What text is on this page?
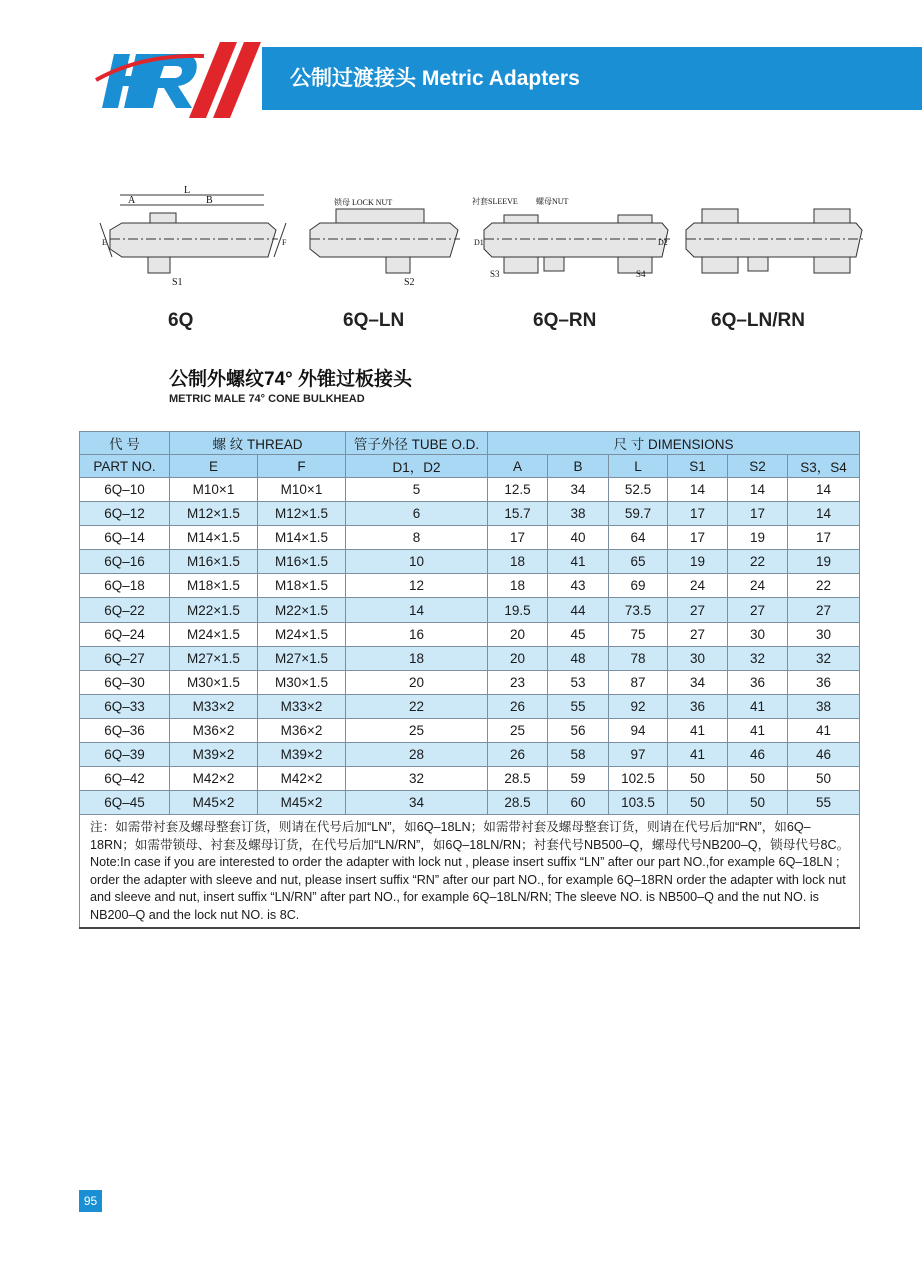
公制过渡接头 Metric Adapters
L
A	B
E	F
S1
锁母 LOCK NUT
S2
衬套SLEEVE 螺母NUT
D1	D2
S3	S4
6Q	6Q–LN	6Q–RN	6Q–LN/RN
公制外螺纹74° 外锥过板接头
METRIC MALE 74° CONE BULKHEAD
代 号	螺 纹 THREAD		管子外径 TUBE O.D.	尺 寸 DIMENSIONS					
PART NO.	E	F	D1，D2	A	B	L	S1	S2	S3，S4
6Q–10	M10×1	M10×1	5	12.5	34	52.5	14	14	14
6Q–12	M12×1.5	M12×1.5	6	15.7	38	59.7	17	17	14
6Q–14	M14×1.5	M14×1.5	8	17	40	64	17	19	17
6Q–16	M16×1.5	M16×1.5	10	18	41	65	19	22	19
6Q–18	M18×1.5	M18×1.5	12	18	43	69	24	24	22
6Q–22	M22×1.5	M22×1.5	14	19.5	44	73.5	27	27	27
6Q–24	M24×1.5	M24×1.5	16	20	45	75	27	30	30
6Q–27	M27×1.5	M27×1.5	18	20	48	78	30	32	32
6Q–30	M30×1.5	M30×1.5	20	23	53	87	34	36	36
6Q–33	M33×2	M33×2	22	26	55	92	36	41	38
6Q–36	M36×2	M36×2	25	25	56	94	41	41	41
6Q–39	M39×2	M39×2	28	26	58	97	41	46	46
6Q–42	M42×2	M42×2	32	28.5	59	102.5	50	50	50
6Q–45	M45×2	M45×2	34	28.5	60	103.5	50	50	55

注：如需带衬套及螺母整套订货，则请在代号后加“LN”，如6Q–18LN；如需带衬套及螺母整套订货，则请在代号后加“RN”，如6Q–18RN；如需带锁母、衬套及螺母订货，在代号后加“LN/RN”，如6Q–18LN/RN；衬套代号NB500–Q，螺母代号NB200–Q，锁母代号8C。
Note:In case if you are interested to order the adapter with lock nut , please insert suffix “LN” after our part NO.,for example 6Q–18LN ; order the adapter with sleeve and nut, please insert suffix “RN” after our part NO., for example 6Q–18RN order the adapter with lock nut and sleeve and nut, insert suffix “LN/RN” after part NO., for example 6Q–18LN/RN; The sleeve NO. is NB500–Q and the nut NO. is NB200–Q and the lock nut NO. is 8C.									
95
